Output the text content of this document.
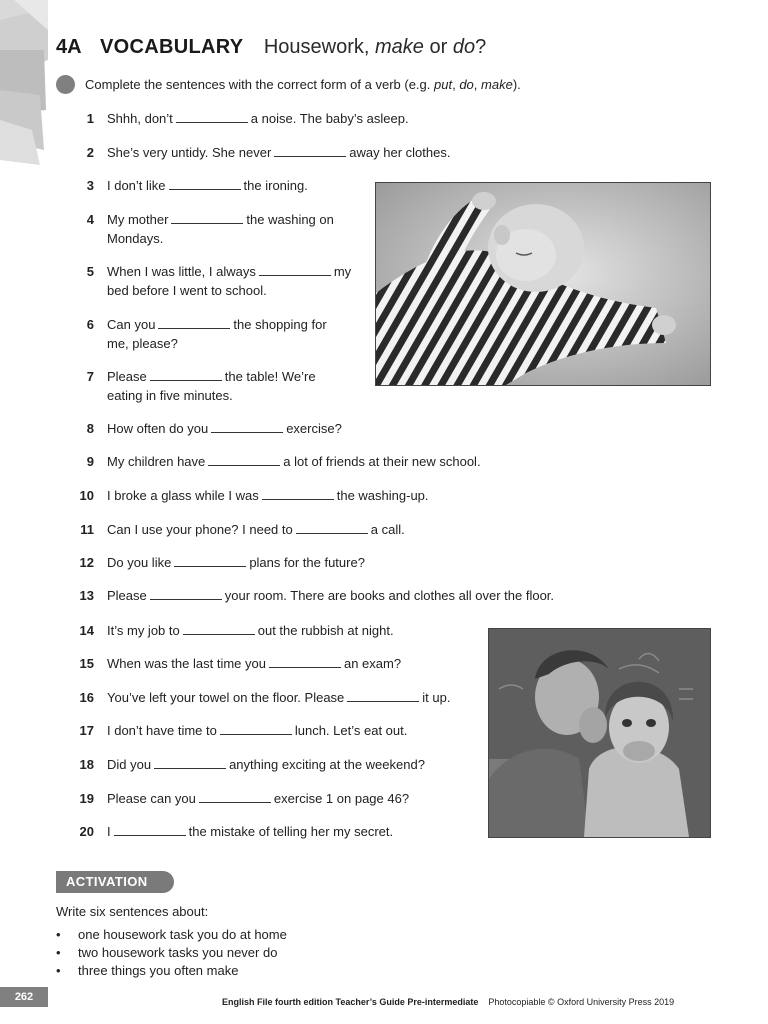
4A VOCABULARY Housework, make or do?
Complete the sentences with the correct form of a verb (e.g. put, do, make).
1 Shhh, don’t	a noise. The baby’s asleep.
2 She’s very untidy. She never	away her clothes.
3 I don’t like	the ironing.
4 My mother	the washing on
Mondays.
5 When I was little, I always	my
bed before I went to school.
6 Can you	the shopping for
me, please?
7 Please	the table! We’re
eating in five minutes.
8 How often do you	exercise?
9 My children have	a lot of friends at their new school.
10 I broke a glass while I was	the washing-up.
11 Can I use your phone? I need to	a call.
12 Do you like	plans for the future?
13 Please	your room. There are books and clothes all over the floor.
14 It’s my job to	out the rubbish at night.
15 When was the last time you	an exam?
16 You’ve left your towel on the floor. Please	it up.
17 I don’t have time to	lunch. Let’s eat out.
18 Did you	anything exciting at the weekend?
19 Please can you	exercise 1 on page 46?
20 I	the mistake of telling her my secret.
ACTIVATION
Write six sentences about:
• one housework task you do at home
• two housework tasks you never do
• three things you often make
262	English File fourth edition Teacher’s Guide Pre-intermediate Photocopiable © Oxford University Press 2019
